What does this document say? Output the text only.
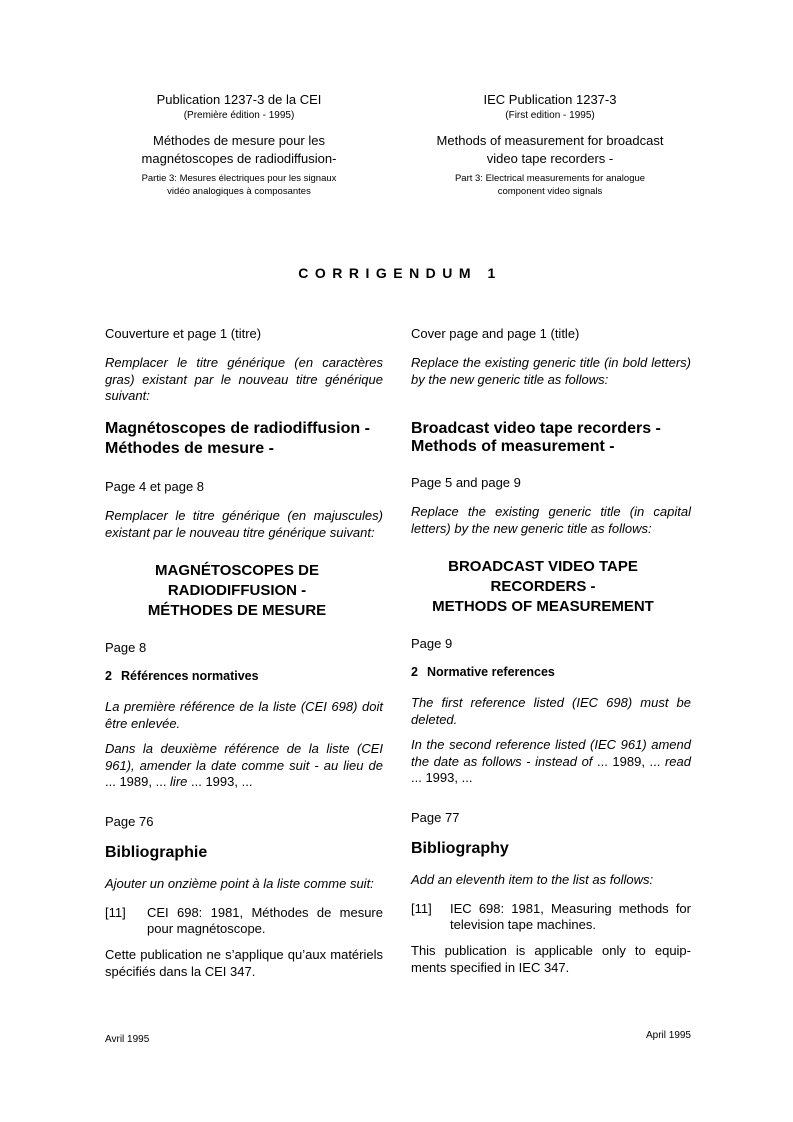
Publication 1237-3 de la CEI
(Première édition - 1995)
Méthodes de mesure pour les
magnétoscopes de radiodiffusion-
Partie 3: Mesures électriques pour les signaux
vidéo analogiques à composantes
IEC Publication 1237-3
(First edition - 1995)
Methods of measurement for broadcast
video tape recorders -
Part 3: Electrical measurements for analogue
component video signals
CORRIGENDUM 1
Couverture et page 1 (titre)
Remplacer le titre générique (en caractères gras) existant par le nouveau titre générique suivant:
Magnétoscopes de radiodiffusion -
Méthodes de mesure -
Page 4 et page 8
Remplacer le titre générique (en majuscules) existant par le nouveau titre générique suivant:
MAGNÉTOSCOPES DE
RADIODIFFUSION -
MÉTHODES DE MESURE
Page 8
2 Références normatives
La première référence de la liste (CEI 698) doit être enlevée.
Dans la deuxième référence de la liste (CEI 961), amender la date comme suit - au lieu de ... 1989, ... lire ... 1993, ...
Page 76
Bibliographie
Ajouter un onzième point à la liste comme suit:
[11]	CEI 698: 1981, Méthodes de mesure pour magnétoscope.
Cette publication ne s’applique qu’aux matériels spécifiés dans la CEI 347.
Avril 1995
Cover page and page 1 (title)
Replace the existing generic title (in bold letters) by the new generic title as follows:
Broadcast video tape recorders -
Methods of measurement -
Page 5 and page 9
Replace the existing generic title (in capital letters) by the new generic title as follows:
BROADCAST VIDEO TAPE
RECORDERS -
METHODS OF MEASUREMENT
Page 9
2 Normative references
The first reference listed (IEC 698) must be deleted.
In the second reference listed (IEC 961) amend the date as follows - instead of ... 1989, ... read ... 1993, ...
Page 77
Bibliography
Add an eleventh item to the list as follows:
[11]	IEC 698: 1981, Measuring methods for television tape machines.
This publication is applicable only to equip-ments specified in IEC 347.
April 1995
